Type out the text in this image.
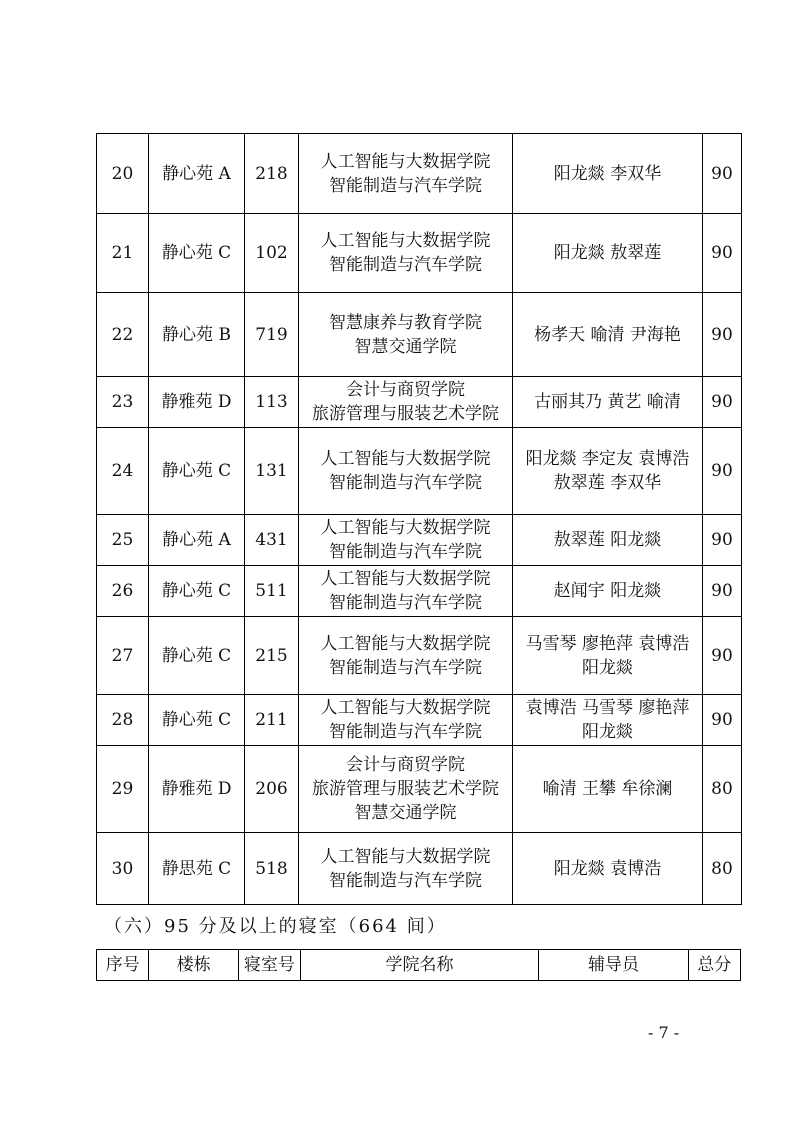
20	静心苑 A	218	人工智能与大数据学院
智能制造与汽车学院	阳龙燚 李双华	90
21	静心苑 C	102	人工智能与大数据学院
智能制造与汽车学院	阳龙燚 敖翠莲	90
22	静心苑 B	719	智慧康养与教育学院
智慧交通学院	杨孝天 喻清 尹海艳	90
23	静雅苑 D	113	会计与商贸学院
旅游管理与服装艺术学院	古丽其乃 黄艺 喻清	90
24	静心苑 C	131	人工智能与大数据学院
智能制造与汽车学院	阳龙燚 李定友 袁博浩
敖翠莲 李双华	90
25	静心苑 A	431	人工智能与大数据学院
智能制造与汽车学院	敖翠莲 阳龙燚	90
26	静心苑 C	511	人工智能与大数据学院
智能制造与汽车学院	赵闻宇 阳龙燚	90
27	静心苑 C	215	人工智能与大数据学院
智能制造与汽车学院	马雪琴 廖艳萍 袁博浩
阳龙燚	90
28	静心苑 C	211	人工智能与大数据学院
智能制造与汽车学院	袁博浩 马雪琴 廖艳萍
阳龙燚	90
29	静雅苑 D	206	会计与商贸学院
旅游管理与服装艺术学院
智慧交通学院	喻清 王攀 牟徐澜	80
30	静思苑 C	518	人工智能与大数据学院
智能制造与汽车学院	阳龙燚 袁博浩	80
（六）95 分及以上的寝室（664 间）
序号	楼栋	寝室号	学院名称	辅导员	总分
- 7 -
